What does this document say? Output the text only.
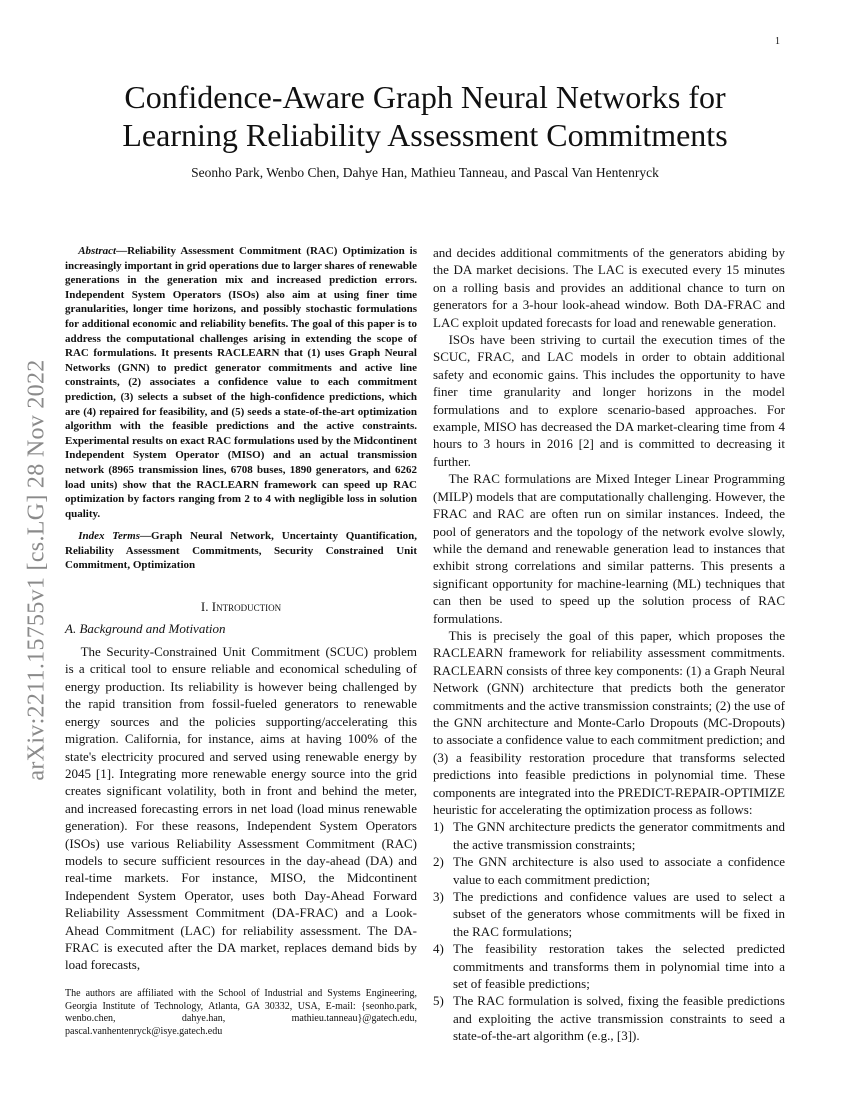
1
arXiv:2211.15755v1 [cs.LG] 28 Nov 2022
Confidence-Aware Graph Neural Networks for
Learning Reliability Assessment Commitments
Seonho Park, Wenbo Chen, Dahye Han, Mathieu Tanneau, and Pascal Van Hentenryck

Abstract—Reliability Assessment Commitment (RAC) Optimization is increasingly important in grid operations due to larger shares of renewable generations in the generation mix and increased prediction errors. Independent System Operators (ISOs) also aim at using finer time granularities, longer time horizons, and possibly stochastic formulations for additional economic and reliability benefits. The goal of this paper is to address the computational challenges arising in extending the scope of RAC formulations. It presents RACLEARN that (1) uses Graph Neural Networks (GNN) to predict generator commitments and active line constraints, (2) associates a confidence value to each commitment prediction, (3) selects a subset of the high-confidence predictions, which are (4) repaired for feasibility, and (5) seeds a state-of-the-art optimization algorithm with the feasible predictions and the active constraints. Experimental results on exact RAC formulations used by the Midcontinent Independent System Operator (MISO) and an actual transmission network (8965 transmission lines, 6708 buses, 1890 generators, and 6262 load units) show that the RACLEARN framework can speed up RAC optimization by factors ranging from 2 to 4 with negligible loss in solution quality.

Index Terms—Graph Neural Network, Uncertainty Quantification, Reliability Assessment Commitments, Security Constrained Unit Commitment, Optimization

I. Introduction
A. Background and Motivation

The Security-Constrained Unit Commitment (SCUC) problem is a critical tool to ensure reliable and economical scheduling of energy production. Its reliability is however being challenged by the rapid transition from fossil-fueled generators to renewable energy sources and the policies supporting/accelerating this migration. California, for instance, aims at having 100% of the state's electricity procured and served using renewable energy by 2045 [1]. Integrating more renewable energy source into the grid creates significant volatility, both in front and behind the meter, and increased forecasting errors in net load (load minus renewable generation). For these reasons, Independent System Operators (ISOs) use various Reliability Assessment Commitment (RAC) models to secure sufficient resources in the day-ahead (DA) and real-time markets. For instance, MISO, the Midcontinent Independent System Operator, uses both Day-Ahead Forward Reliability Assessment Commitment (DA-FRAC) and a Look-Ahead Commitment (LAC) for reliability assessment. The DA-FRAC is executed after the DA market, replaces demand bids by load forecasts,

The authors are affiliated with the School of Industrial and Systems Engineering, Georgia Institute of Technology, Atlanta, GA 30332, USA, E-mail: {seonho.park, wenbo.chen, dahye.han, mathieu.tanneau}@gatech.edu, pascal.vanhentenryck@isye.gatech.edu

and decides additional commitments of the generators abiding by the DA market decisions. The LAC is executed every 15 minutes on a rolling basis and provides an additional chance to turn on generators for a 3-hour look-ahead window. Both DA-FRAC and LAC exploit updated forecasts for load and renewable generation.

ISOs have been striving to curtail the execution times of the SCUC, FRAC, and LAC models in order to obtain additional safety and economic gains. This includes the opportunity to have finer time granularity and longer horizons in the model formulations and to explore scenario-based approaches. For example, MISO has decreased the DA market-clearing time from 4 hours to 3 hours in 2016 [2] and is committed to decreasing it further.

The RAC formulations are Mixed Integer Linear Programming (MILP) models that are computationally challenging. However, the FRAC and RAC are often run on similar instances. Indeed, the pool of generators and the topology of the network evolve slowly, while the demand and renewable generation lead to instances that exhibit strong correlations and similar patterns. This presents a significant opportunity for machine-learning (ML) techniques that can then be used to speed up the solution process of RAC formulations.

This is precisely the goal of this paper, which proposes the RACLEARN framework for reliability assessment commitments. RACLEARN consists of three key components: (1) a Graph Neural Network (GNN) architecture that predicts both the generator commitments and the active transmission constraints; (2) the use of the GNN architecture and Monte-Carlo Dropouts (MC-Dropouts) to associate a confidence value to each commitment prediction; and (3) a feasibility restoration procedure that transforms selected predictions into feasible predictions in polynomial time. These components are integrated into the PREDICT-REPAIR-OPTIMIZE heuristic for accelerating the optimization process as follows:

1) The GNN architecture predicts the generator commitments and the active transmission constraints;
2) The GNN architecture is also used to associate a confidence value to each commitment prediction;
3) The predictions and confidence values are used to select a subset of the generators whose commitments will be fixed in the RAC formulations;
4) The feasibility restoration takes the selected predicted commitments and transforms them in polynomial time into a set of feasible predictions;
5) The RAC formulation is solved, fixing the feasible predictions and exploiting the active transmission constraints to seed a state-of-the-art algorithm (e.g., [3]).
